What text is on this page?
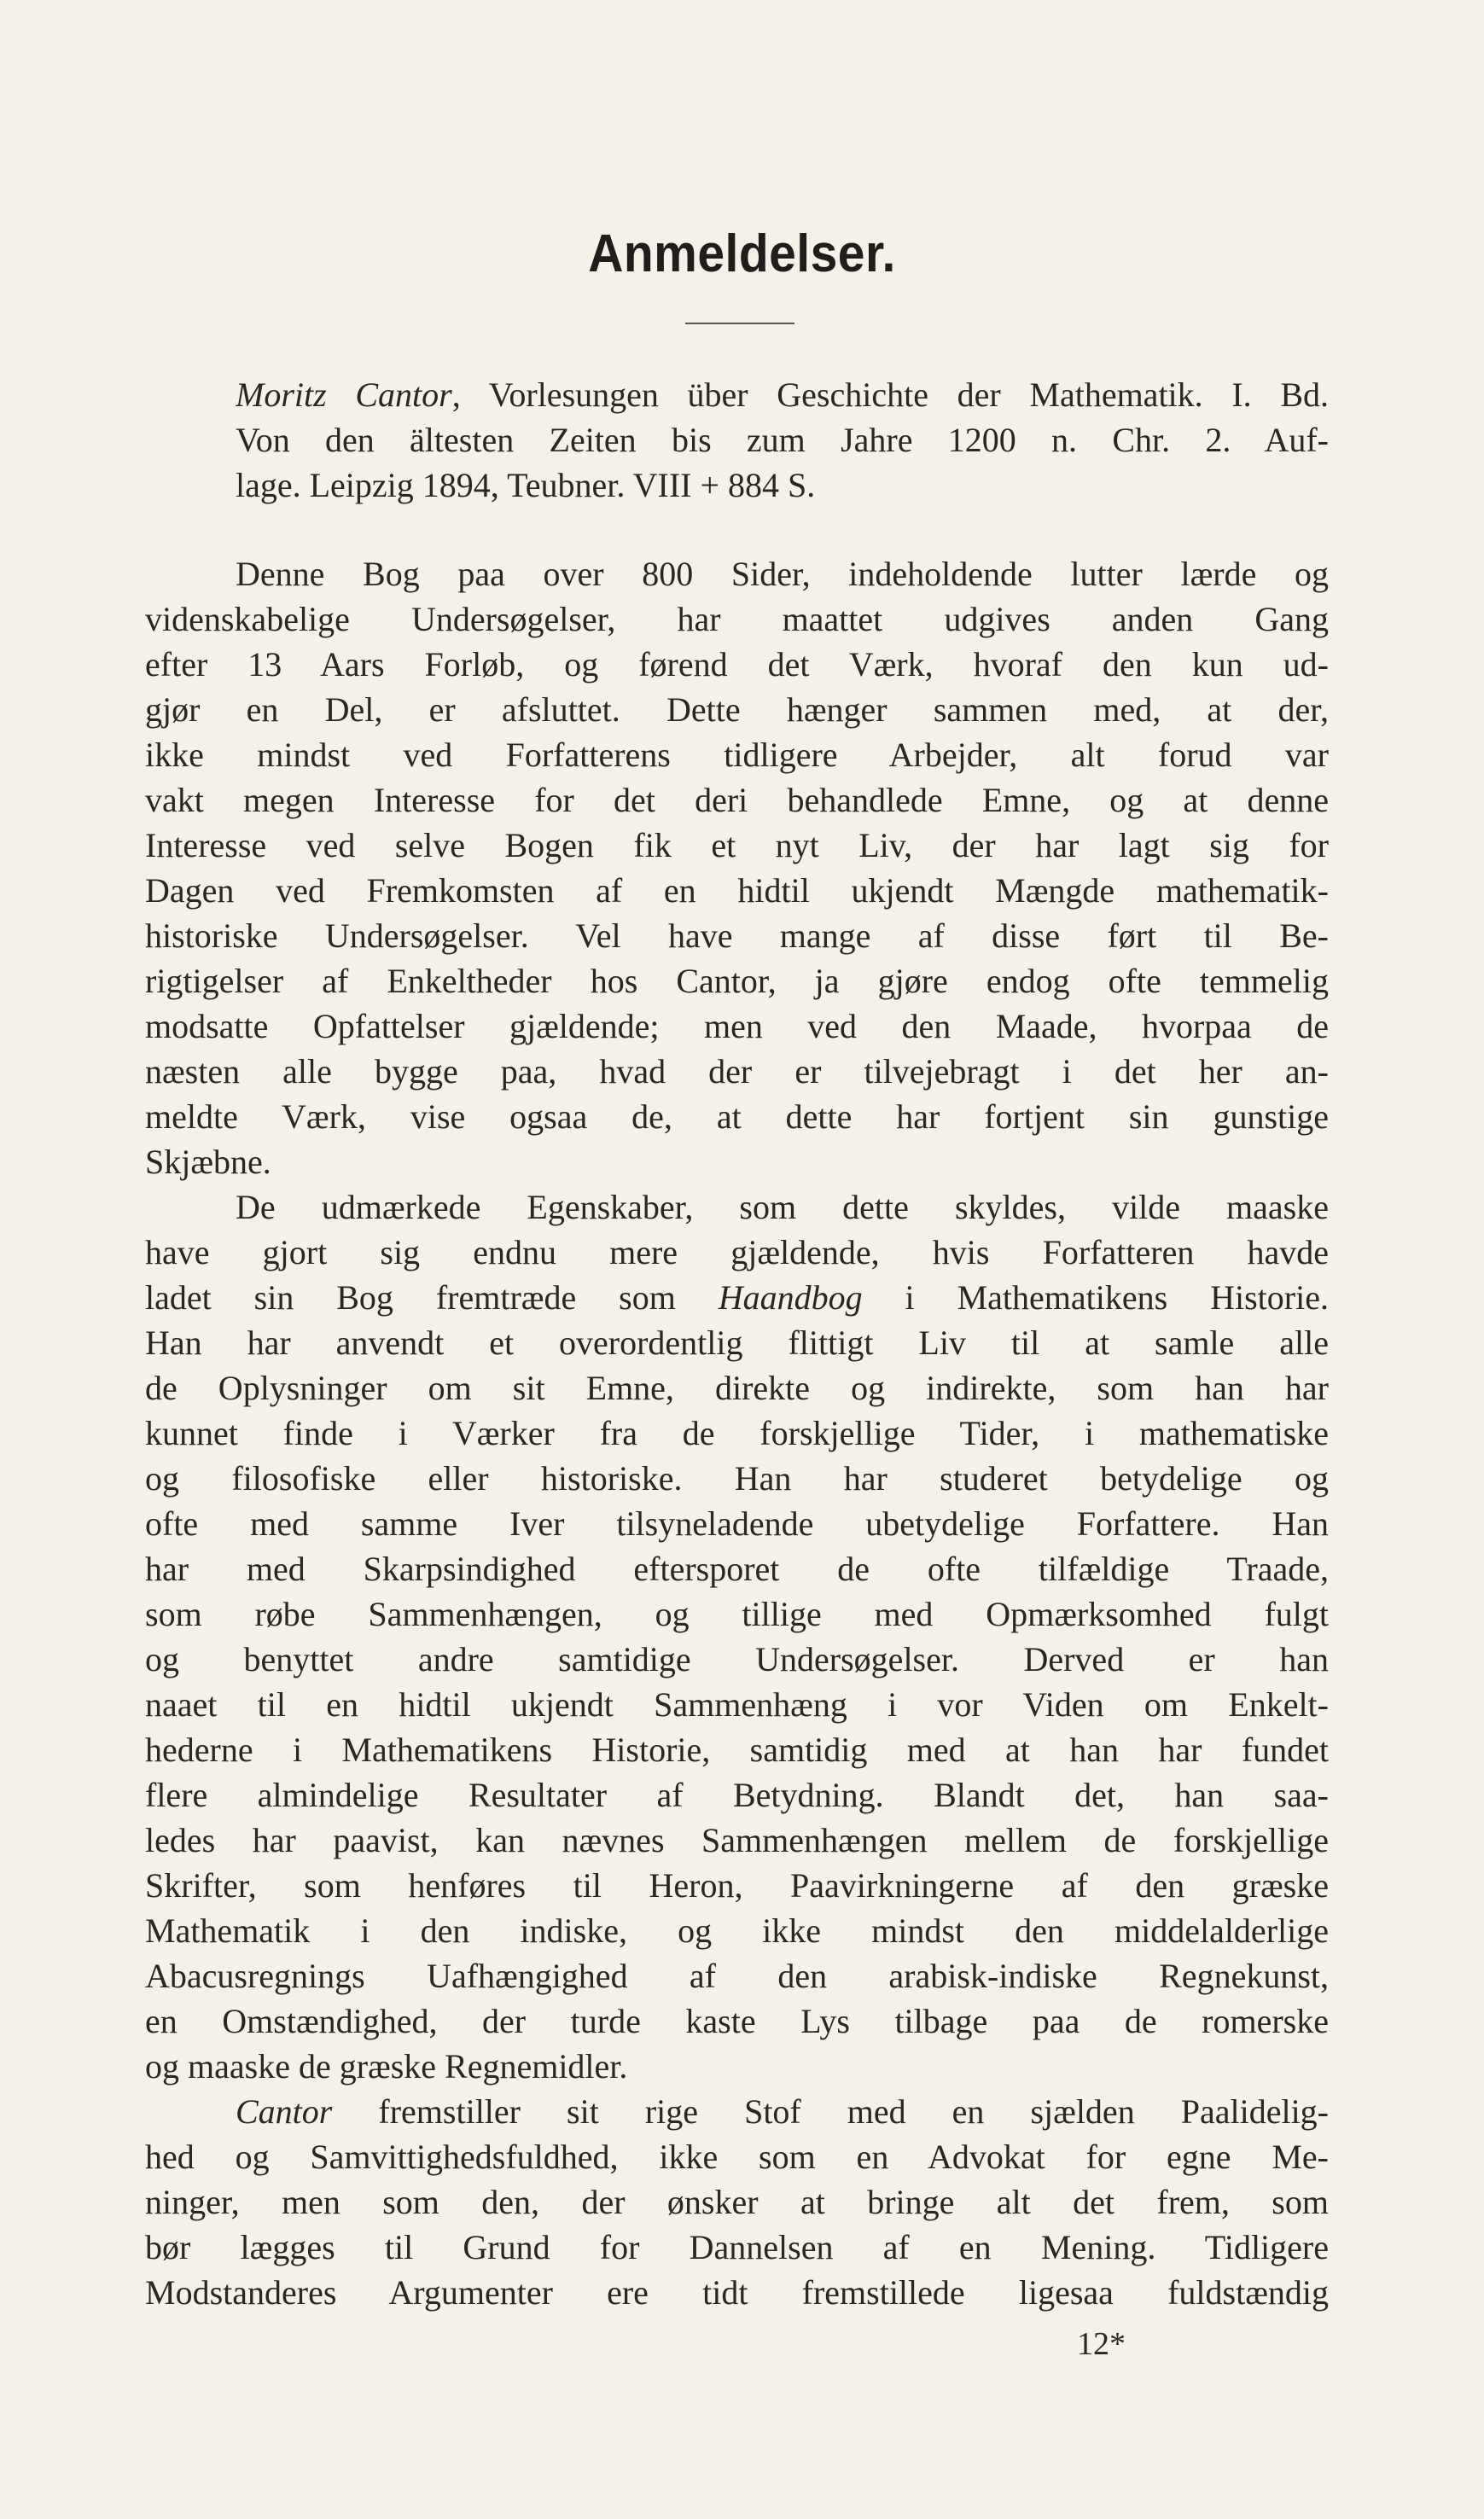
Anmeldelser.
Moritz Cantor, Vorlesungen über Geschichte der Mathematik. I. Bd.
Von den ältesten Zeiten bis zum Jahre 1200 n. Chr. 2. Auf-
lage. Leipzig 1894, Teubner. VIII + 884 S.
Denne Bog paa over 800 Sider, indeholdende lutter lærde og
videnskabelige Undersøgelser, har maattet udgives anden Gang
efter 13 Aars Forløb, og førend det Værk, hvoraf den kun ud-
gjør en Del, er afsluttet. Dette hænger sammen med, at der,
ikke mindst ved Forfatterens tidligere Arbejder, alt forud var
vakt megen Interesse for det deri behandlede Emne, og at denne
Interesse ved selve Bogen fik et nyt Liv, der har lagt sig for
Dagen ved Fremkomsten af en hidtil ukjendt Mængde mathematik-
historiske Undersøgelser. Vel have mange af disse ført til Be-
rigtigelser af Enkeltheder hos Cantor, ja gjøre endog ofte temmelig
modsatte Opfattelser gjældende; men ved den Maade, hvorpaa de
næsten alle bygge paa, hvad der er tilvejebragt i det her an-
meldte Værk, vise ogsaa de, at dette har fortjent sin gunstige
Skjæbne.
De udmærkede Egenskaber, som dette skyldes, vilde maaske
have gjort sig endnu mere gjældende, hvis Forfatteren havde
ladet sin Bog fremtræde som Haandbog i Mathematikens Historie.
Han har anvendt et overordentlig flittigt Liv til at samle alle
de Oplysninger om sit Emne, direkte og indirekte, som han har
kunnet finde i Værker fra de forskjellige Tider, i mathematiske
og filosofiske eller historiske. Han har studeret betydelige og
ofte med samme Iver tilsyneladende ubetydelige Forfattere. Han
har med Skarpsindighed eftersporet de ofte tilfældige Traade,
som røbe Sammenhængen, og tillige med Opmærksomhed fulgt
og benyttet andre samtidige Undersøgelser. Derved er han
naaet til en hidtil ukjendt Sammenhæng i vor Viden om Enkelt-
hederne i Mathematikens Historie, samtidig med at han har fundet
flere almindelige Resultater af Betydning. Blandt det, han saa-
ledes har paavist, kan nævnes Sammenhængen mellem de forskjellige
Skrifter, som henføres til Heron, Paavirkningerne af den græske
Mathematik i den indiske, og ikke mindst den middelalderlige
Abacusregnings Uafhængighed af den arabisk-indiske Regnekunst,
en Omstændighed, der turde kaste Lys tilbage paa de romerske
og maaske de græske Regnemidler.
Cantor fremstiller sit rige Stof med en sjælden Paalidelig-
hed og Samvittighedsfuldhed, ikke som en Advokat for egne Me-
ninger, men som den, der ønsker at bringe alt det frem, som
bør lægges til Grund for Dannelsen af en Mening. Tidligere
Modstanderes Argumenter ere tidt fremstillede ligesaa fuldstændig
12*
